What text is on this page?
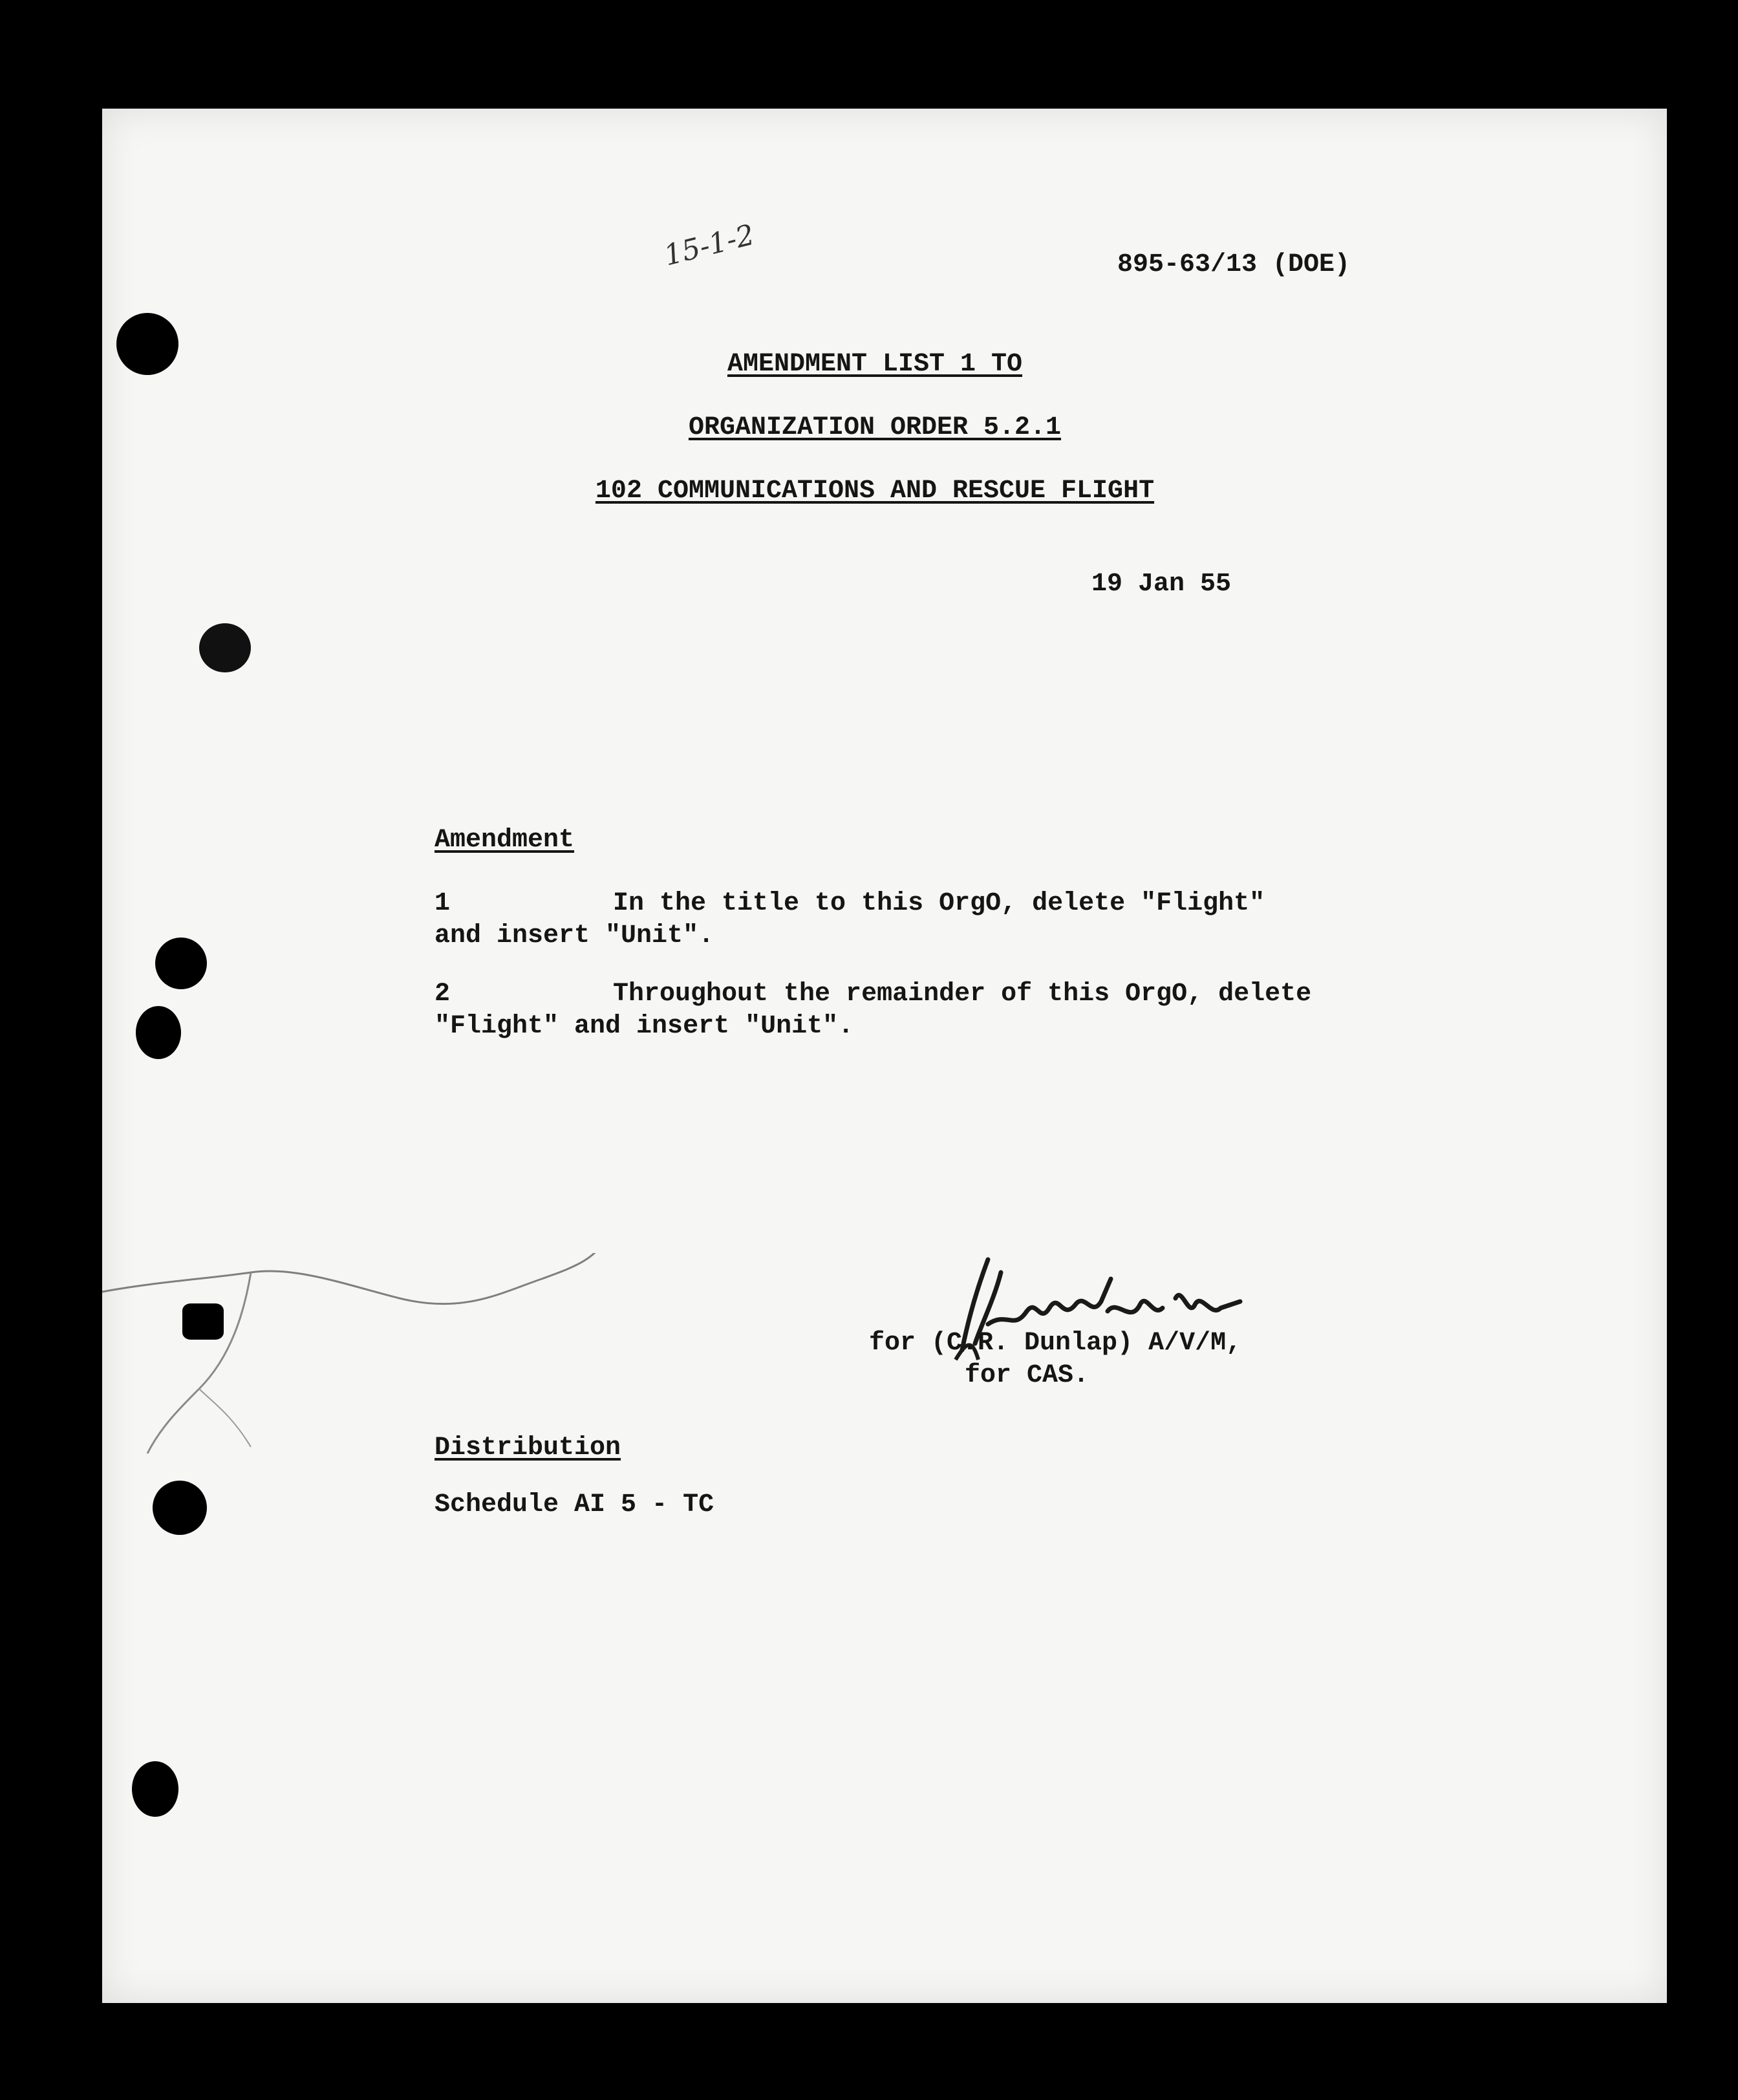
15-1-2	895-63/13 (DOE)
AMENDMENT LIST 1 TO
ORGANIZATION ORDER 5.2.1
102 COMMUNICATIONS AND RESCUE FLIGHT
19 Jan 55
Amendment
1	In the title to this OrgO, delete "Flight"
and insert "Unit".
2	Throughout the remainder of this OrgO, delete
"Flight" and insert "Unit".
for (C.R. Dunlap) A/V/M,
for CAS.
Distribution
Schedule AI 5 - TC
